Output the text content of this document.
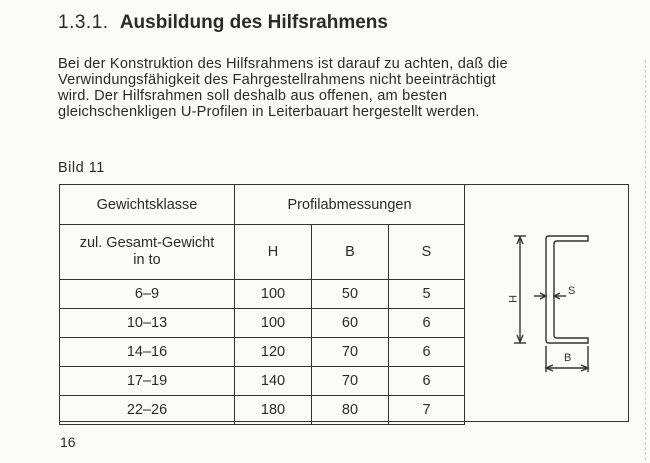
1.3.1. Ausbildung des Hilfsrahmens
Bei der Konstruktion des Hilfsrahmens ist darauf zu achten, daß die
Verwindungsfähigkeit des Fahrgestellrahmens nicht beeinträchtigt
wird. Der Hilfsrahmen soll deshalb aus offenen, am besten
gleichschenkligen U-Profilen in Leiterbauart hergestellt werden.
Bild 11
Gewichtsklasse	Profilabmessungen		

zul. Gesamt-Gewicht
in to	H	B	S
6–9	100	50	5
10–13	100	60	6
14–16	120	70	6
17–19	140	70	6
22–26	180	80	7
H
S
B
16
